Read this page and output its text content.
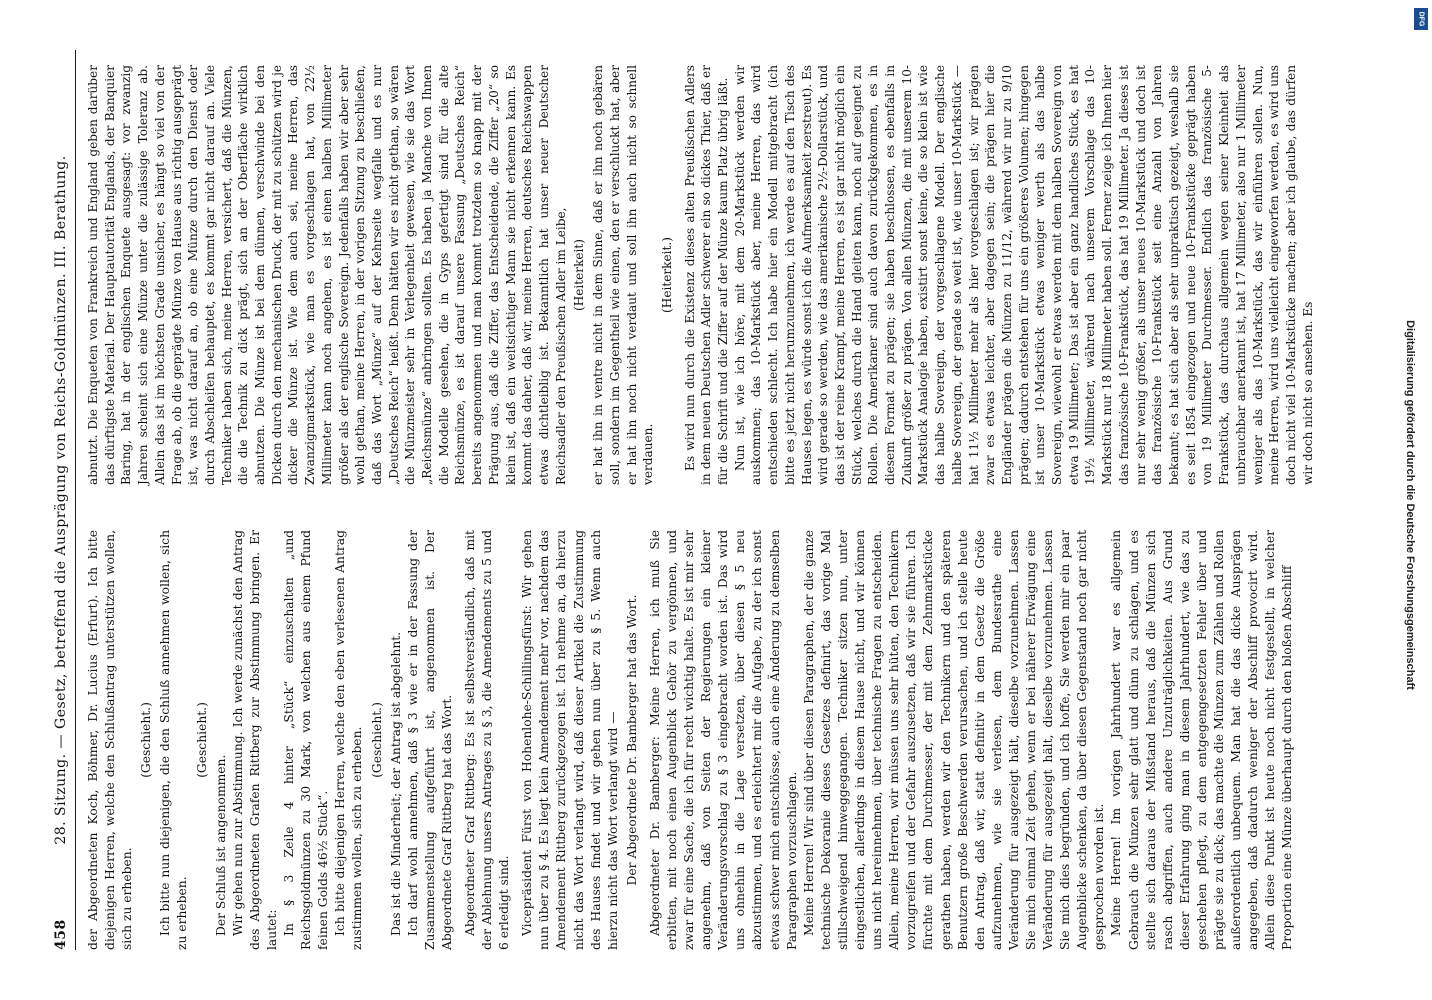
458
28. Sitzung. — Gesetz, betreffend die Ausprägung von Reichs-Goldmünzen. III. Berathung. der Abgeordneten Koch, Böhmer, Dr. Lucius (Erfurt). Ich bitte diejenigen Herren, welche den Schlußantrag unterstützen wollen, sich zu erheben.

(Geschieht.) Ich bitte nun diejenigen, die den Schluß annehmen wollen, sich zu erheben.

(Geschieht.)

Der Schluß ist angenommen. Wir gehen nun zur Abstimmung. Ich werde zunächst den Antrag des Abgeordneten Grafen Rittberg zur Abstimmung bringen. Er lautet: In § 3 Zeile 4 hinter „Stück“ einzuschalten „und Reichsgoldmünzen zu 30 Mark, von welchen aus einem Pfund feinen Golds 46½ Stück“. Ich bitte diejenigen Herren, welche den eben verlesenen Antrag zustimmen wollen, sich zu erheben. (Geschieht.) Das ist die Minderheit; der Antrag ist abgelehnt. Ich darf wohl annehmen, daß § 3 wie er in der Fassung der Zusammenstellung aufgeführt ist, angenommen ist. Der Abgeordnete Graf Rittberg hat das Wort. Abgeordneter Graf Rittberg: Es ist selbstverständlich, daß mit der Ablehnung unsers Antrages zu § 3, die Amendements zu 5 und 6 erledigt sind. Vicepräsident Fürst von Hohenlohe-Schillingsfürst: Wir gehen nun über zu § 4. Es liegt kein Amendement mehr vor, nachdem das Amendement Rittberg zurückgezogen ist. Ich nehme an, da hierzu nicht das Wort verlangt wird, daß dieser Artikel die Zustimmung des Hauses findet und wir gehen nun über zu § 5. Wenn auch hierzu nicht das Wort verlangt wird — Der Abgeordnete Dr. Bamberger hat das Wort. Abgeordneter Dr. Bamberger: Meine Herren, ich muß Sie erbitten, mit noch einen Augenblick Gehör zu vergönnen, und zwar für eine Sache, die ich für recht wichtig halte. Es ist mir sehr angenehm, daß von Seiten der Regierungen ein kleiner Veränderungsvorschlag zu § 3 eingebracht worden ist. Das wird uns ohnehin in die Lage versetzen, über diesen § 5 neu abzustimmen, und es erleichtert mir die Aufgabe, zu der ich sonst etwas schwer mich entschlösse, auch eine Änderung zu demselben Paragraphen vorzuschlagen. Meine Herren! Wir sind über diesen Paragraphen, der die ganze technische Dekoranie dieses Gesetzes definirt, das vorige Mal stillschweigend hinweggegangen. Techniker sitzen nun, unter eingestlichen, allerdings in diesem Hause nicht, und wir können uns nicht hereinnehmen, über technische Fragen zu entscheiden. Allein, meine Herren, wir müssen uns sehr hüten, den Technikern vorzugreifen und der Gefahr auszusetzen, daß wir sie führen. Ich fürchte mit dem Durchmesser, der mit dem Zehnmarkstücke gerathen haben, werden wir den Technikern und den späteren Benutzern große Beschwerden verursachen, und ich stelle heute den Antrag, daß wir, statt definitiv in dem Gesetz die Größe aufzunehmen, wie sie verlesen, dem Bundesrathe eine Veränderung für ausgezeigt hält, dieselbe vorzunehmen. Lassen Sie mich einmal Zeit gehen, wenn er bei näherer Erwägung eine Veränderung für ausgezeigt hält, dieselbe vorzunehmen. Lassen Sie mich dies begründen, und ich hoffe, Sie werden mir ein paar Augenblicke schenken, da über diesen Gegenstand noch gar nicht gesprochen worden ist. Meine Herren! Im vorigen Jahrhundert war es allgemein Gebrauch die Münzen sehr glatt und dünn zu schlagen, und es stellte sich daraus der Mißstand heraus, daß die Münzen sich rasch abgriffen, auch andere Unzuträglichkeiten. Aus Grund dieser Erfahrung ging man in diesem Jahrhundert, wie das zu geschehen pflegt, zu dem entgegengesetzten Fehler über und prägte sie zu dick; das machte die Münzen zum Zählen und Rollen außerordentlich unbequem. Man hat die das dicke Ausprägen angegeben, daß dadurch weniger der Abschliff provocirt wird. Allein diese Punkt ist heute noch nicht festgestellt, in welcher Proportion eine Münze überhaupt durch den bloßen Abschliff

abnutzt. Die Enqueten von Frankreich und England geben darüber das dürftigste Material. Der Hauptautorität Englands, der Banquier Baring, hat in der englischen Enquete ausgesagt: vor zwanzig Jahren scheint sich eine Münze unter die zulässige Toleranz ab. Allein das ist im höchsten Grade unsicher, es hängt so viel von der Frage ab, ob die geprägte Münze von Hause aus richtig ausgeprägt ist, was nicht darauf an, ob eine Münze durch den Dienst oder durch Abschleifen behauptet, es kommt gar nicht darauf an. Viele Techniker haben sich, meine Herren, versichert, daß die Münzen, die die Technik zu dick prägt, sich an der Oberfläche wirklich abnutzen. Die Münze ist bei dem dünnen, verschwinde bei den Dicken durch den mechanischen Druck, der mit zu schützen wird je dicker die Münze ist. Wie dem auch sei, meine Herren, das Zwanzigmarkstück, wie man es vorgeschlagen hat, von 22½ Millimeter kann noch angehen, es ist einen halben Millimeter größer als der englische Sovereign. Jedenfalls haben wir aber sehr wohl gethan, meine Herren, in der vorigen Sitzung zu beschließen, daß das Wort „Münze“ auf der Kehrseite wegfalle und es nur „Deutsches Reich“ heißt. Denn hätten wir es nicht gethan, so wären die Münzmeister sehr in Verlegenheit gewesen, wie sie das Wort „Reichsmünze“ anbringen sollten. Es haben ja Manche von Ihnen die Modelle gesehen, die in Gyps gefertigt sind für die alte Reichsmünze, es ist darauf unsere Fassung „Deutsches Reich“ bereits angenommen und man kommt trotzdem so knapp mit der Prägung aus, daß die Ziffer, das Entscheidende, die Ziffer „20“ so klein ist, daß ein weitsichtiger Mann sie nicht erkennen kann. Es kommt das daher, daß wir, meine Herren, deutsches Reichswappen etwas dichtleiblig ist. Bekanntlich hat unser neuer Deutscher Reichsadler den Preußischen Adler im Leibe, (Heiterkeit) er hat ihn in ventre nicht in dem Sinne, daß er ihn noch gebären soll, sondern im Gegentheil wie einen, den er verschluckt hat, aber er hat ihn noch nicht verdaut und soll ihn auch nicht so schnell verdauen.

(Heiterkeit.) Es wird nun durch die Existenz dieses alten Preußischen Adlers in dem neuen Deutschen Adler schwerer ein so dickes Thier, daß er für die Schrift und die Ziffer auf der Münze kaum Platz übrig läßt. Nun ist, wie ich höre, mit dem 20-Markstück werden wir auskommen; das 10-Markstück aber, meine Herren, das wird entschieden schlecht. Ich habe hier ein Modell mitgebracht (ich bitte es jetzt nicht herumzunehmen, ich werde es auf den Tisch des Hauses legen, es würde sonst ich die Aufmerksamkeit zerstreut). Es wird gerade so werden, wie das amerikanische 2½-Dollarstück, und das ist der reine Krampf, meine Herren, es ist gar nicht möglich ein Stück, welches durch die Hand gleiten kann, noch auf geeignet zu Rollen. Die Amerikaner sind auch davon zurückgekommen, es in diesem Format zu prägen; sie haben beschlossen, es ebenfalls in Zukunft größer zu prägen. Von allen Münzen, die mit unserem 10-Markstück Analogie haben, existirt sonst keine, die so klein ist wie das halbe Sovereign, der vorgeschlagene Modell. Der englische halbe Sovereign, der gerade so weit ist, wie unser 10-Markstück — hat 11½ Millimeter mehr als hier vorgeschlagen ist; wir prägen zwar es etwas leichter, aber dagegen sein; die prägen hier die Engländer prägen die Münzen zu 11/12, während wir nur zu 9/10 prägen; dadurch entstehen für uns ein größeres Volumen; hingegen ist unser 10-Markstück etwas weniger werth als das halbe Sovereign, wiewohl er etwas werden mit dem halben Sovereign von etwa 19 Millimeter; Das ist aber ein ganz handliches Stück, es hat 19½ Millimeter, während nach unserem Vorschlage das 10-Markstück nur 18 Millimeter haben soll. Ferner zeige ich Ihnen hier das französische 10-Frankstück, das hat 19 Millimeter. Ja dieses ist nur sehr wenig größer, als unser neues 10-Markstück und doch ist das französische 10-Frankstück seit eine Anzahl von Jahren bekannt; es hat sich aber als sehr unpraktisch gezeigt, weshalb sie es seit 1854 eingezogen und neue 10-Frankstücke geprägt haben von 19 Millimeter Durchmesser. Endlich das französische 5-Frankstück, das durchaus allgemein wegen seiner Kleinheit als unbrauchbar anerkannt ist, hat 17 Millimeter, also nur 1 Millimeter weniger als das 10-Markstück, das wir einführen sollen. Nun, meine Herren, wird uns vielleicht eingeworfen werden, es wird uns doch nicht viel 10-Markstücke machen; aber ich glaube, das dürfen wir doch nicht so ansehen. Es	Digitalisierung gefördert durch die Deutsche Forschungsgemeinschaft
DFG
